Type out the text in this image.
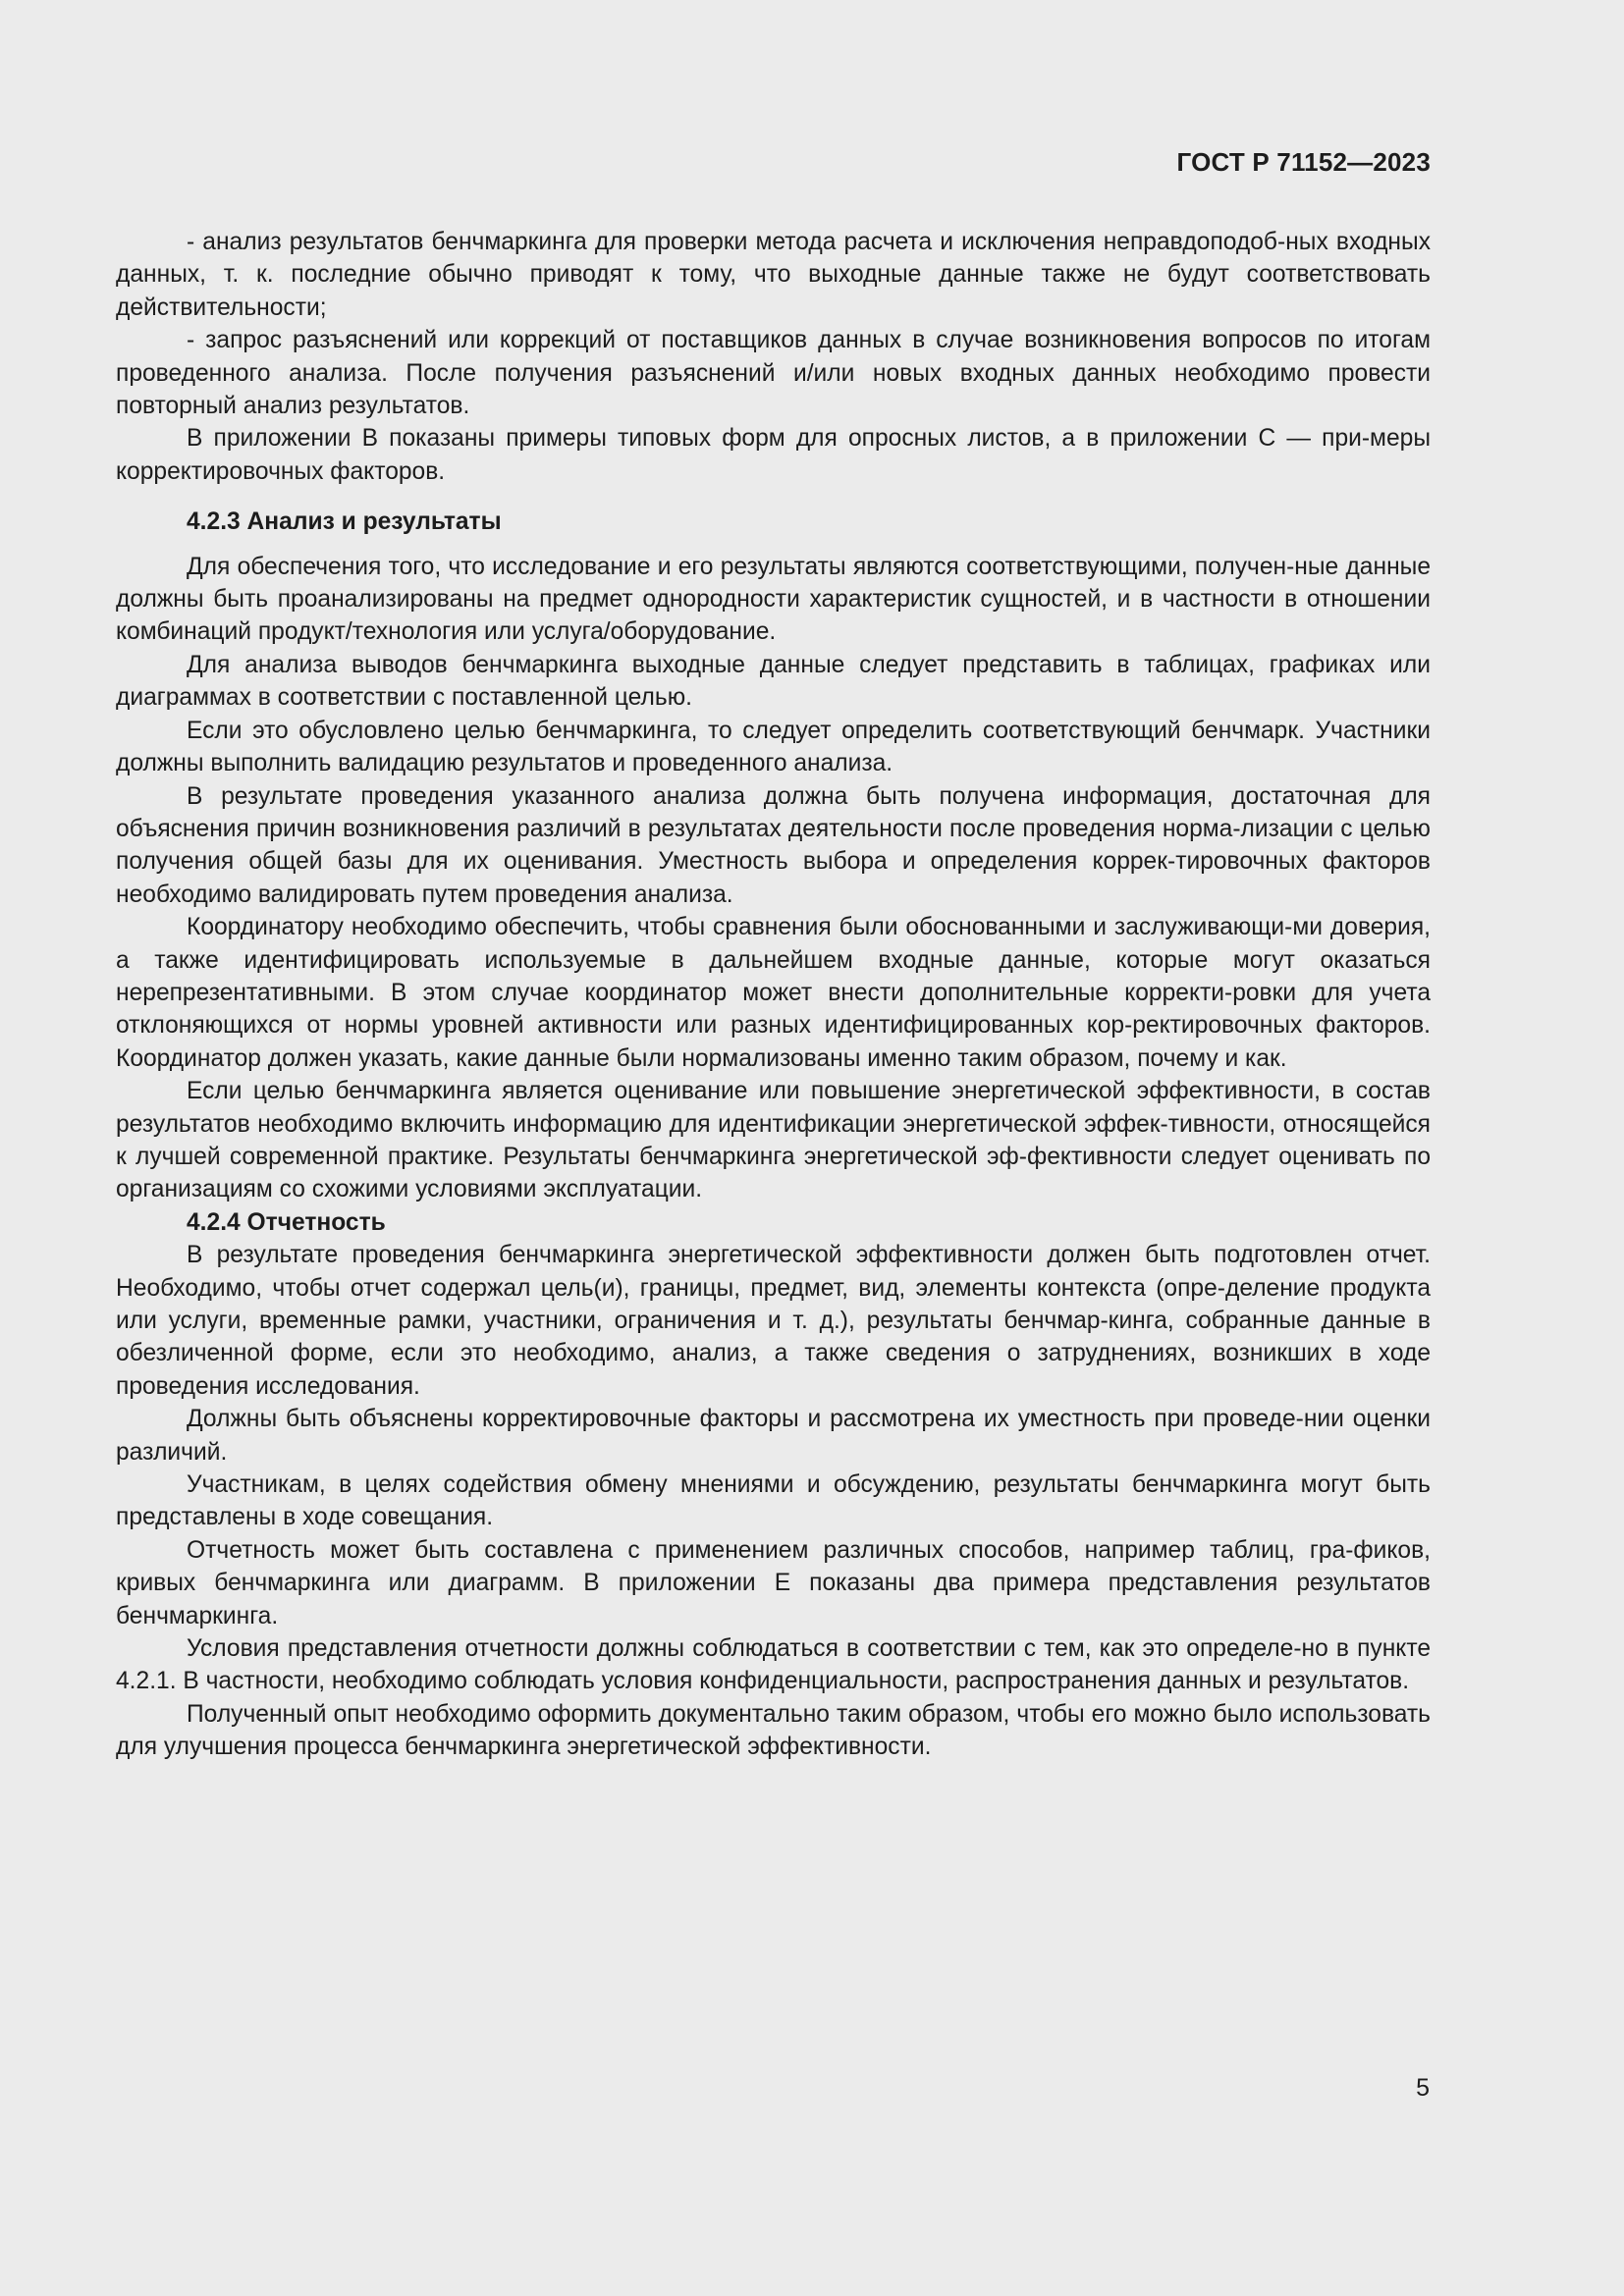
ГОСТ Р 71152—2023

- анализ результатов бенчмаркинга для проверки метода расчета и исключения неправдоподоб-ных входных данных, т. к. последние обычно приводят к тому, что выходные данные также не будут соответствовать действительности;

- запрос разъяснений или коррекций от поставщиков данных в случае возникновения вопросов по итогам проведенного анализа. После получения разъяснений и/или новых входных данных необходимо провести повторный анализ результатов.

В приложении В показаны примеры типовых форм для опросных листов, а в приложении С — при-меры корректировочных факторов.

4.2.3 Анализ и результаты

Для обеспечения того, что исследование и его результаты являются соответствующими, получен-ные данные должны быть проанализированы на предмет однородности характеристик сущностей, и в частности в отношении комбинаций продукт/технология или услуга/оборудование.

Для анализа выводов бенчмаркинга выходные данные следует представить в таблицах, графиках или диаграммах в соответствии с поставленной целью.

Если это обусловлено целью бенчмаркинга, то следует определить соответствующий бенчмарк. Участники должны выполнить валидацию результатов и проведенного анализа.

В результате проведения указанного анализа должна быть получена информация, достаточная для объяснения причин возникновения различий в результатах деятельности после проведения норма-лизации с целью получения общей базы для их оценивания. Уместность выбора и определения коррек-тировочных факторов необходимо валидировать путем проведения анализа.

Координатору необходимо обеспечить, чтобы сравнения были обоснованными и заслуживающи-ми доверия, а также идентифицировать используемые в дальнейшем входные данные, которые могут оказаться нерепрезентативными. В этом случае координатор может внести дополнительные корректи-ровки для учета отклоняющихся от нормы уровней активности или разных идентифицированных кор-ректировочных факторов. Координатор должен указать, какие данные были нормализованы именно таким образом, почему и как.

Если целью бенчмаркинга является оценивание или повышение энергетической эффективности, в состав результатов необходимо включить информацию для идентификации энергетической эффек-тивности, относящейся к лучшей современной практике. Результаты бенчмаркинга энергетической эф-фективности следует оценивать по организациям со схожими условиями эксплуатации.

4.2.4 Отчетность

В результате проведения бенчмаркинга энергетической эффективности должен быть подготовлен отчет. Необходимо, чтобы отчет содержал цель(и), границы, предмет, вид, элементы контекста (опре-деление продукта или услуги, временные рамки, участники, ограничения и т. д.), результаты бенчмар-кинга, собранные данные в обезличенной форме, если это необходимо, анализ, а также сведения о затруднениях, возникших в ходе проведения исследования.

Должны быть объяснены корректировочные факторы и рассмотрена их уместность при проведе-нии оценки различий.

Участникам, в целях содействия обмену мнениями и обсуждению, результаты бенчмаркинга могут быть представлены в ходе совещания.

Отчетность может быть составлена с применением различных способов, например таблиц, гра-фиков, кривых бенчмаркинга или диаграмм. В приложении Е показаны два примера представления результатов бенчмаркинга.

Условия представления отчетности должны соблюдаться в соответствии с тем, как это определе-но в пункте 4.2.1. В частности, необходимо соблюдать условия конфиденциальности, распространения данных и результатов.

Полученный опыт необходимо оформить документально таким образом, чтобы его можно было использовать для улучшения процесса бенчмаркинга энергетической эффективности.

5
